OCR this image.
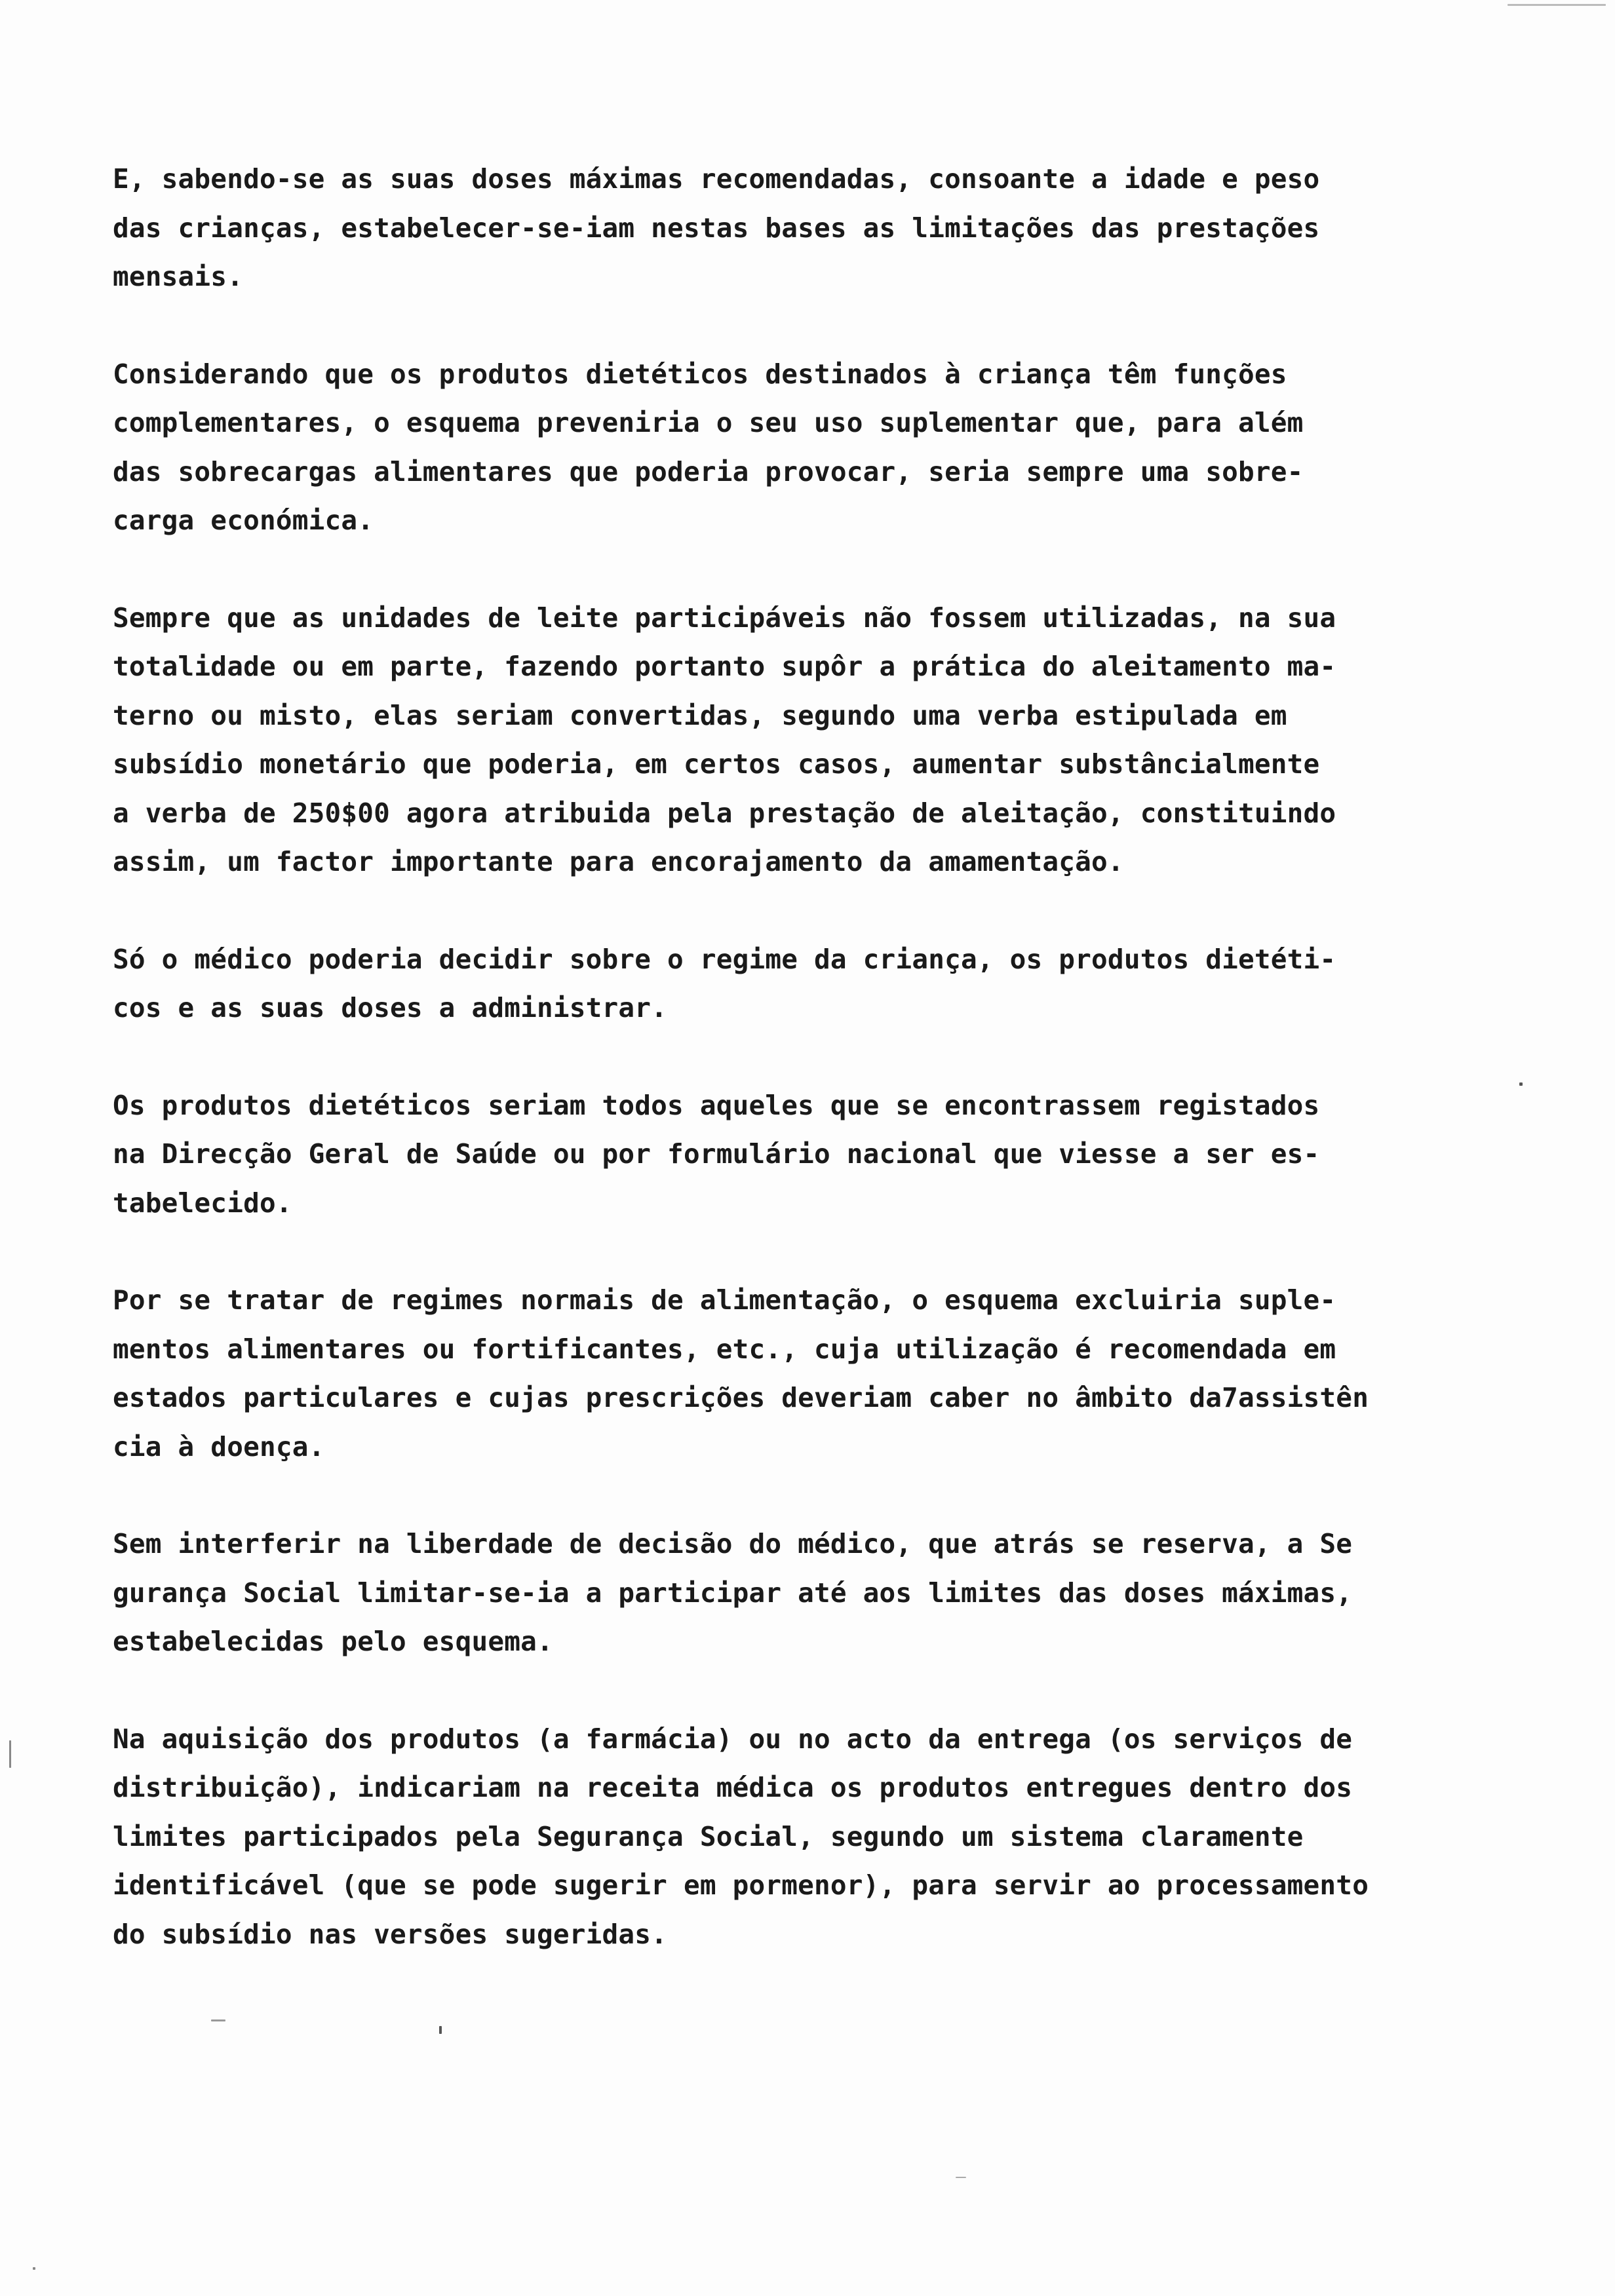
E, sabendo-se as suas doses máximas recomendadas, consoante a idade e peso
das crianças, estabelecer-se-iam nestas bases as limitações das prestações
mensais.

Considerando que os produtos dietéticos destinados à criança têm funções
complementares, o esquema preveniria o seu uso suplementar que, para além
das sobrecargas alimentares que poderia provocar, seria sempre uma sobre-
carga económica.

Sempre que as unidades de leite participáveis não fossem utilizadas, na sua
totalidade ou em parte, fazendo portanto supôr a prática do aleitamento ma-
terno ou misto, elas seriam convertidas, segundo uma verba estipulada em
subsídio monetário que poderia, em certos casos, aumentar substâncialmente
a verba de 250$00 agora atribuida pela prestação de aleitação, constituindo
assim, um factor importante para encorajamento da amamentação.

Só o médico poderia decidir sobre o regime da criança, os produtos dietéti-
cos e as suas doses a administrar.

Os produtos dietéticos seriam todos aqueles que se encontrassem registados
na Direcção Geral de Saúde ou por formulário nacional que viesse a ser es-
tabelecido.

Por se tratar de regimes normais de alimentação, o esquema excluiria suple-
mentos alimentares ou fortificantes, etc., cuja utilização é recomendada em
estados particulares e cujas prescrições deveriam caber no âmbito da7assistên
cia à doença.

Sem interferir na liberdade de decisão do médico, que atrás se reserva, a Se
gurança Social limitar-se-ia a participar até aos limites das doses máximas,
estabelecidas pelo esquema.

Na aquisição dos produtos (a farmácia) ou no acto da entrega (os serviços de
distribuição), indicariam na receita médica os produtos entregues dentro dos
limites participados pela Segurança Social, segundo um sistema claramente
identificável (que se pode sugerir em pormenor), para servir ao processamento
do subsídio nas versões sugeridas.
